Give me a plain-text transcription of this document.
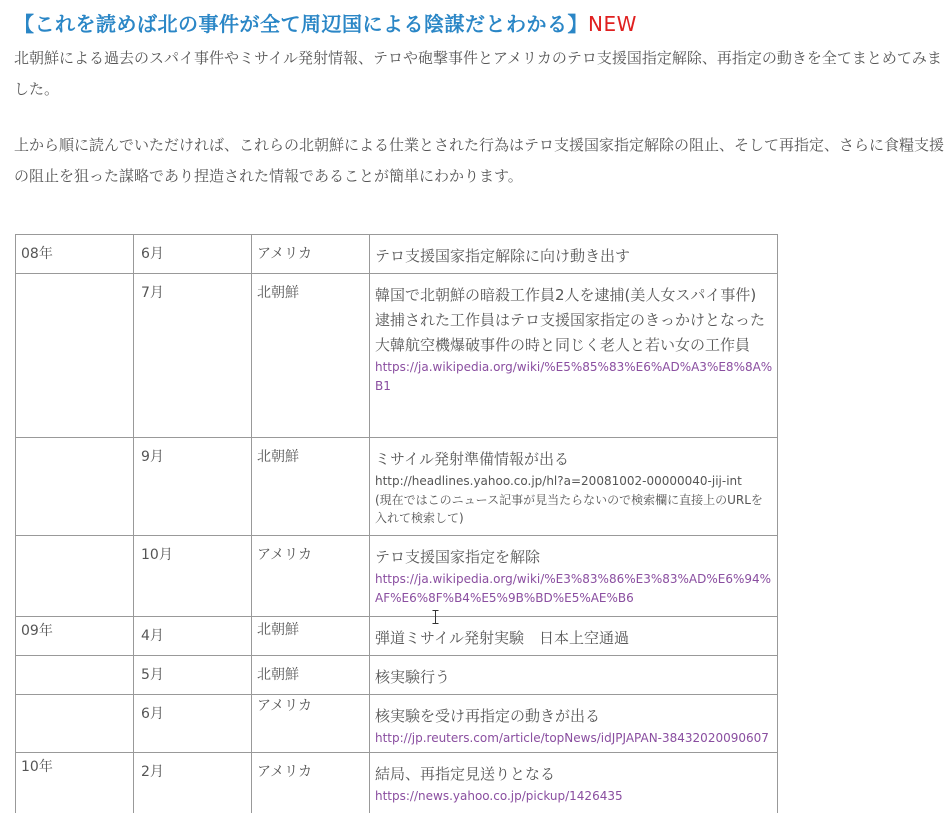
【これを読めば北の事件が全て周辺国による陰謀だとわかる】NEW

北朝鮮による過去のスパイ事件やミサイル発射情報、テロや砲撃事件とアメリカのテロ支援国指定解除、再指定の動きを全てまとめてみました。

上から順に読んでいただければ、これらの北朝鮮による仕業とされた行為はテロ支援国家指定解除の阻止、そして再指定、さらに食糧支援の阻止を狙った謀略であり捏造された情報であることが簡単にわかります。

08年	6月	アメリカ	テロ支援国家指定解除に向け動き出す

	7月	北朝鮮	韓国で北朝鮮の暗殺工作員2人を逮捕(美人女スパイ事件)　 逮捕された工作員はテロ支援国家指定のきっかけとなった大韓航空機爆破事件の時と同じく老人と若い女の工作員
https://ja.wikipedia.org/wiki/%E5%85%83%E6%AD%A3%E8%8A%B1

	9月	北朝鮮	ミサイル発射準備情報が出る
http://headlines.yahoo.co.jp/hl?a=20081002-00000040-jij-int
(現在ではこのニュース記事が見当たらないので検索欄に直接上のURLを入れて検索して)

	10月	アメリカ	テロ支援国家指定を解除
https://ja.wikipedia.org/wiki/%E3%83%86%E3%83%AD%E6%94%AF%E6%8F%B4%E5%9B%BD%E5%AE%B6

09年	4月	北朝鮮	弾道ミサイル発射実験　日本上空通過

	5月	北朝鮮	核実験行う

	6月	アメリカ	核実験を受け再指定の動きが出る
http://jp.reuters.com/article/topNews/idJPJAPAN-38432020090607

10年	2月	アメリカ	結局、再指定見送りとなる
https://news.yahoo.co.jp/pickup/1426435
